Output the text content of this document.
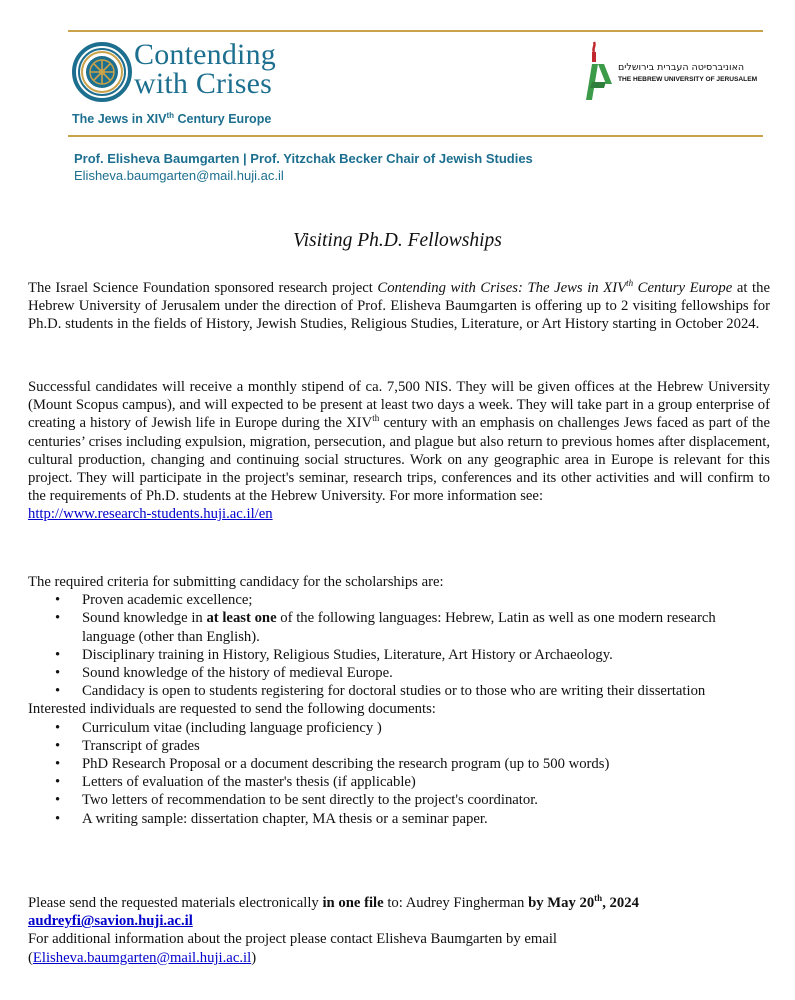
Contending
with Crises
The Jews in XIVth Century Europe
האוניברסיטה העברית בירושלים
THE HEBREW UNIVERSITY OF JERUSALEM
Prof. Elisheva Baumgarten | Prof. Yitzchak Becker Chair of Jewish Studies
Elisheva.baumgarten@mail.huji.ac.il
Visiting Ph.D. Fellowships

The Israel Science Foundation sponsored research project Contending with Crises: The Jews in XIVth Century Europe at the Hebrew University of Jerusalem under the direction of Prof. Elisheva Baumgarten is offering up to 2 visiting fellowships for Ph.D. students in the fields of History, Jewish Studies, Religious Studies, Literature, or Art History starting in October 2024.

Successful candidates will receive a monthly stipend of ca. 7,500 NIS. They will be given offices at the Hebrew University (Mount Scopus campus), and will expected to be present at least two days a week. They will take part in a group enterprise of creating a history of Jewish life in Europe during the XIVth century with an emphasis on challenges Jews faced as part of the centuries’ crises including expulsion, migration, persecution, and plague but also return to previous homes after displacement, cultural production, changing and continuing social structures. Work on any geographic area in Europe is relevant for this project. They will participate in the project's seminar, research trips, conferences and its other activities and will confirm to the requirements of Ph.D. students at the Hebrew University. For more information see:

http://www.research-students.huji.ac.il/en

The required criteria for submitting candidacy for the scholarships are:

• Proven academic excellence;
• Sound knowledge in at least one of the following languages: Hebrew, Latin as well as one modern research language (other than English).
• Disciplinary training in History, Religious Studies, Literature, Art History or Archaeology.
• Sound knowledge of the history of medieval Europe.
• Candidacy is open to students registering for doctoral studies or to those who are writing their dissertation

Interested individuals are requested to send the following documents:

• Curriculum vitae (including language proficiency )
• Transcript of grades
• PhD Research Proposal or a document describing the research program (up to 500 words)
• Letters of evaluation of the master's thesis (if applicable)
• Two letters of recommendation to be sent directly to the project's coordinator.
• A writing sample: dissertation chapter, MA thesis or a seminar paper.

Please send the requested materials electronically in one file to: Audrey Fingherman by May 20th, 2024

audreyfi@savion.huji.ac.il

For additional information about the project please contact Elisheva Baumgarten by email

(Elisheva.baumgarten@mail.huji.ac.il)
